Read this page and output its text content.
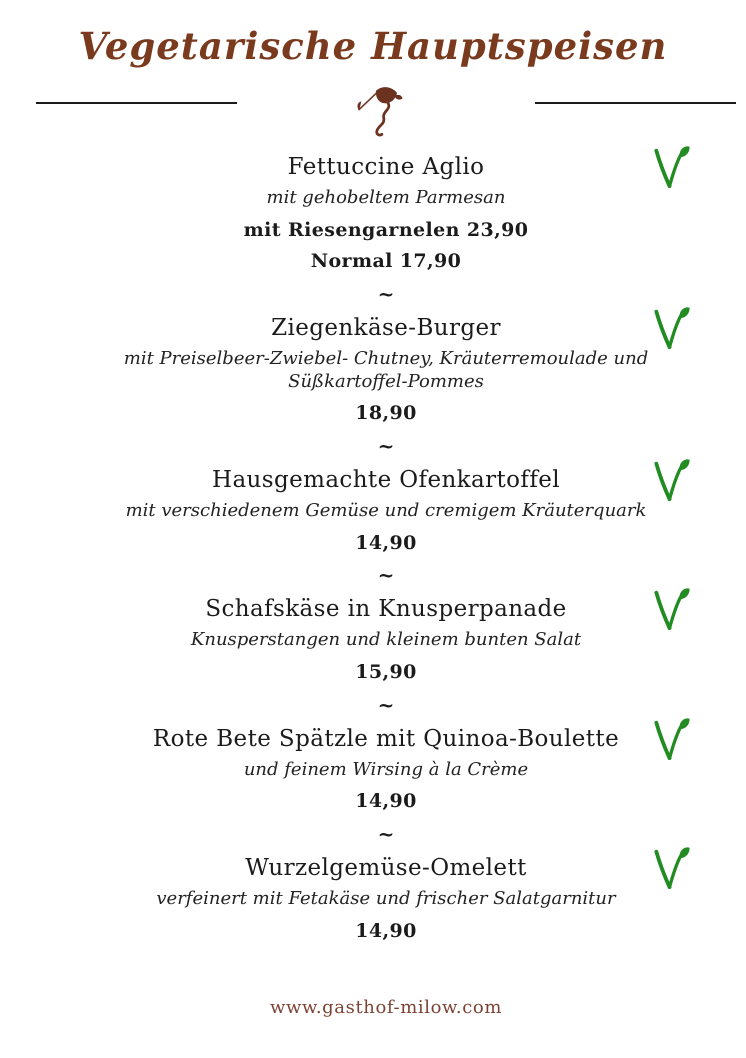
Vegetarische Hauptspeisen
Fettuccine Aglio
mit gehobeltem Parmesan
mit Riesengarnelen 23,90
Normal 17,90
~
Ziegenkäse-Burger
mit Preiselbeer-Zwiebel- Chutney, Kräuterremoulade und Süßkartoffel-Pommes
18,90
~
Hausgemachte Ofenkartoffel
mit verschiedenem Gemüse und cremigem Kräuterquark
14,90
~
Schafskäse in Knusperpanade
Knusperstangen und kleinem bunten Salat
15,90
~
Rote Bete Spätzle mit Quinoa-Boulette
und feinem Wirsing à la Crème
14,90
~
Wurzelgemüse-Omelett
verfeinert mit Fetakäse und frischer Salatgarnitur
14,90
www.gasthof-milow.com
